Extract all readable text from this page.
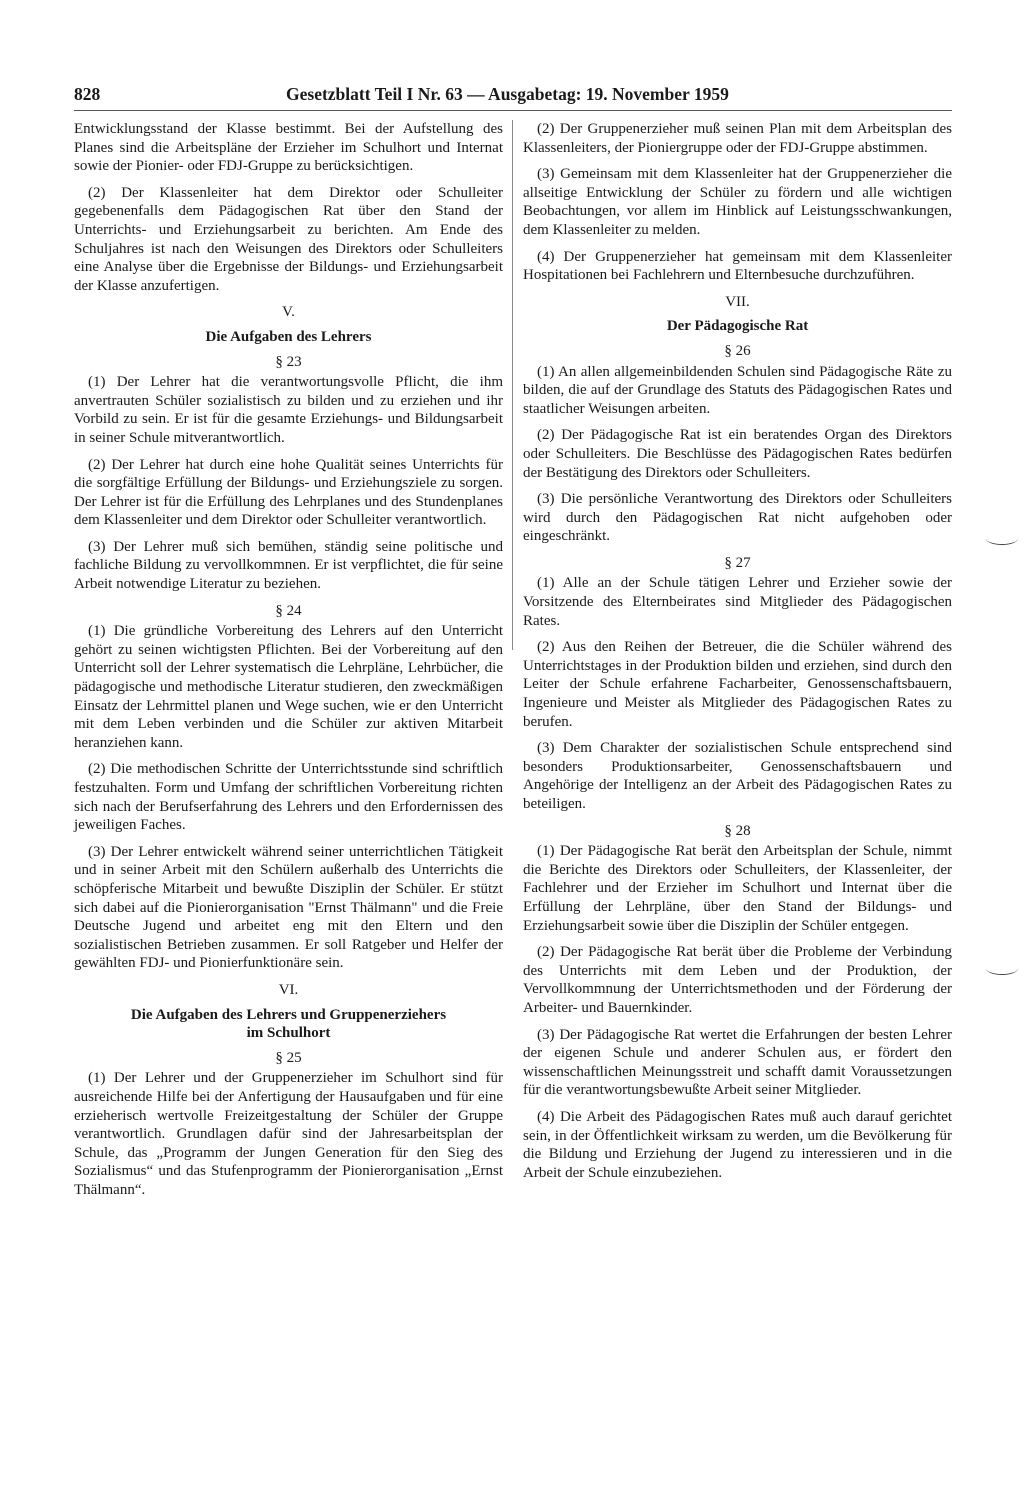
828	Gesetzblatt Teil I Nr. 63 — Ausgabetag: 19. November 1959

Entwicklungsstand der Klasse bestimmt. Bei der Aufstellung des Planes sind die Arbeitspläne der Erzieher im Schulhort und Internat sowie der Pionier- oder FDJ-Gruppe zu berücksichtigen.

(2) Der Klassenleiter hat dem Direktor oder Schulleiter gegebenenfalls dem Pädagogischen Rat über den Stand der Unterrichts- und Erziehungsarbeit zu berichten. Am Ende des Schuljahres ist nach den Weisungen des Direktors oder Schulleiters eine Analyse über die Ergebnisse der Bildungs- und Erziehungsarbeit der Klasse anzufertigen.

V.
Die Aufgaben des Lehrers
§ 23

(1) Der Lehrer hat die verantwortungsvolle Pflicht, die ihm anvertrauten Schüler sozialistisch zu bilden und zu erziehen und ihr Vorbild zu sein. Er ist für die gesamte Erziehungs- und Bildungsarbeit in seiner Schule mitverantwortlich.

(2) Der Lehrer hat durch eine hohe Qualität seines Unterrichts für die sorgfältige Erfüllung der Bildungs- und Erziehungsziele zu sorgen. Der Lehrer ist für die Erfüllung des Lehrplanes und des Stundenplanes dem Klassenleiter und dem Direktor oder Schulleiter verantwortlich.

(3) Der Lehrer muß sich bemühen, ständig seine politische und fachliche Bildung zu vervollkommnen. Er ist verpflichtet, die für seine Arbeit notwendige Literatur zu beziehen.

§ 24

(1) Die gründliche Vorbereitung des Lehrers auf den Unterricht gehört zu seinen wichtigsten Pflichten. Bei der Vorbereitung auf den Unterricht soll der Lehrer systematisch die Lehrpläne, Lehrbücher, die pädagogische und methodische Literatur studieren, den zweckmäßigen Einsatz der Lehrmittel planen und Wege suchen, wie er den Unterricht mit dem Leben verbinden und die Schüler zur aktiven Mitarbeit heranziehen kann.

(2) Die methodischen Schritte der Unterrichtsstunde sind schriftlich festzuhalten. Form und Umfang der schriftlichen Vorbereitung richten sich nach der Berufserfahrung des Lehrers und den Erfordernissen des jeweiligen Faches.

(3) Der Lehrer entwickelt während seiner unterrichtlichen Tätigkeit und in seiner Arbeit mit den Schülern außerhalb des Unterrichts die schöpferische Mitarbeit und bewußte Disziplin der Schüler. Er stützt sich dabei auf die Pionierorganisation "Ernst Thälmann" und die Freie Deutsche Jugend und arbeitet eng mit den Eltern und den sozialistischen Betrieben zusammen. Er soll Ratgeber und Helfer der gewählten FDJ- und Pionierfunktionäre sein.

VI.
Die Aufgaben des Lehrers und Gruppenerziehers
im Schulhort
§ 25

(1) Der Lehrer und der Gruppenerzieher im Schulhort sind für ausreichende Hilfe bei der Anfertigung der Hausaufgaben und für eine erzieherisch wertvolle Freizeitgestaltung der Schüler der Gruppe verantwortlich. Grundlagen dafür sind der Jahresarbeitsplan der Schule, das „Programm der Jungen Generation für den Sieg des Sozialismus“ und das Stufenprogramm der Pionierorganisation „Ernst Thälmann“.

(2) Der Gruppenerzieher muß seinen Plan mit dem Arbeitsplan des Klassenleiters, der Pioniergruppe oder der FDJ-Gruppe abstimmen.

(3) Gemeinsam mit dem Klassenleiter hat der Gruppenerzieher die allseitige Entwicklung der Schüler zu fördern und alle wichtigen Beobachtungen, vor allem im Hinblick auf Leistungsschwankungen, dem Klassenleiter zu melden.

(4) Der Gruppenerzieher hat gemeinsam mit dem Klassenleiter Hospitationen bei Fachlehrern und Elternbesuche durchzuführen.

VII.
Der Pädagogische Rat
§ 26

(1) An allen allgemeinbildenden Schulen sind Pädagogische Räte zu bilden, die auf der Grundlage des Statuts des Pädagogischen Rates und staatlicher Weisungen arbeiten.

(2) Der Pädagogische Rat ist ein beratendes Organ des Direktors oder Schulleiters. Die Beschlüsse des Pädagogischen Rates bedürfen der Bestätigung des Direktors oder Schulleiters.

(3) Die persönliche Verantwortung des Direktors oder Schulleiters wird durch den Pädagogischen Rat nicht aufgehoben oder eingeschränkt.

§ 27

(1) Alle an der Schule tätigen Lehrer und Erzieher sowie der Vorsitzende des Elternbeirates sind Mitglieder des Pädagogischen Rates.

(2) Aus den Reihen der Betreuer, die die Schüler während des Unterrichtstages in der Produktion bilden und erziehen, sind durch den Leiter der Schule erfahrene Facharbeiter, Genossenschaftsbauern, Ingenieure und Meister als Mitglieder des Pädagogischen Rates zu berufen.

(3) Dem Charakter der sozialistischen Schule entsprechend sind besonders Produktionsarbeiter, Genossenschaftsbauern und Angehörige der Intelligenz an der Arbeit des Pädagogischen Rates zu beteiligen.

§ 28

(1) Der Pädagogische Rat berät den Arbeitsplan der Schule, nimmt die Berichte des Direktors oder Schulleiters, der Klassenleiter, der Fachlehrer und der Erzieher im Schulhort und Internat über die Erfüllung der Lehrpläne, über den Stand der Bildungs- und Erziehungsarbeit sowie über die Disziplin der Schüler entgegen.

(2) Der Pädagogische Rat berät über die Probleme der Verbindung des Unterrichts mit dem Leben und der Produktion, der Vervollkommnung der Unterrichtsmethoden und der Förderung der Arbeiter- und Bauernkinder.

(3) Der Pädagogische Rat wertet die Erfahrungen der besten Lehrer der eigenen Schule und anderer Schulen aus, er fördert den wissenschaftlichen Meinungsstreit und schafft damit Voraussetzungen für die verantwortungsbewußte Arbeit seiner Mitglieder.

(4) Die Arbeit des Pädagogischen Rates muß auch darauf gerichtet sein, in der Öffentlichkeit wirksam zu werden, um die Bevölkerung für die Bildung und Erziehung der Jugend zu interessieren und in die Arbeit der Schule einzubeziehen.
